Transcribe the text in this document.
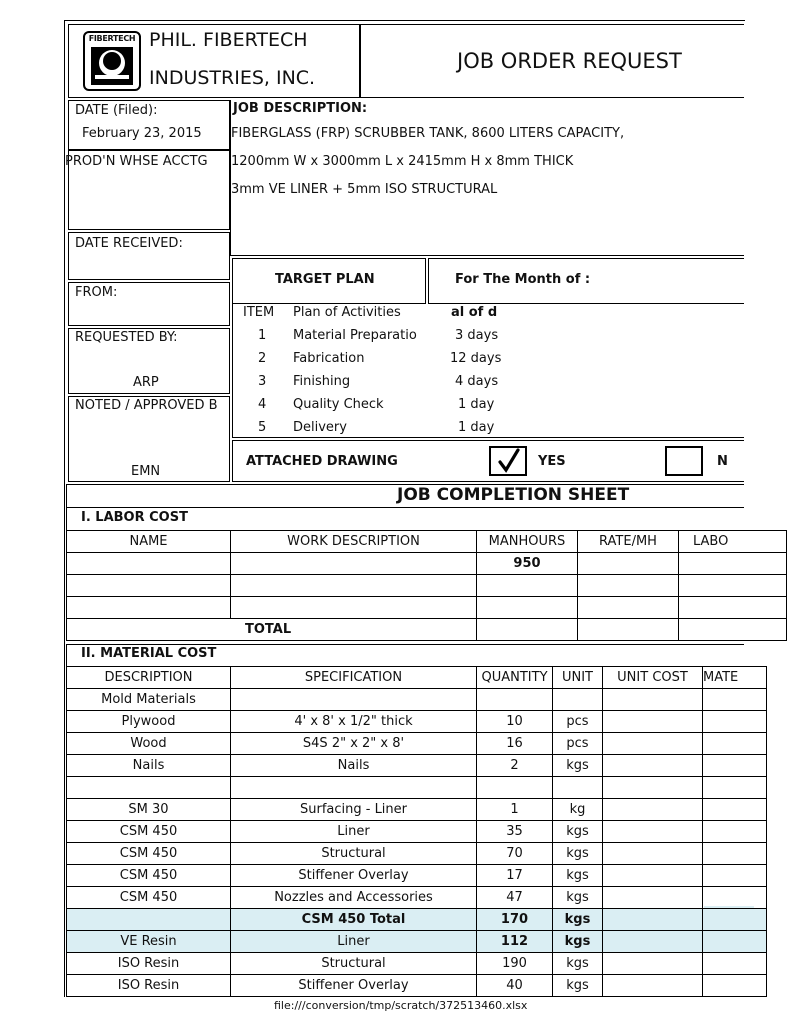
FIBERTECH PHIL. FIBERTECH
INDUSTRIES, INC.
JOB ORDER REQUEST
DATE (Filed):
February 23, 2015
PROD'N WHSE ACCTG
DATE RECEIVED:
FROM:
REQUESTED BY:
ARP
NOTED / APPROVED B
EMN
JOB DESCRIPTION:
FIBERGLASS (FRP) SCRUBBER TANK, 8600 LITERS CAPACITY,
1200mm W x 3000mm L x 2415mm H x 8mm THICK
3mm VE LINER + 5mm ISO STRUCTURAL
TARGET PLAN	For The Month of :
ITEM Plan of Activities	al of d
1 Material Preparatio	3 days
2 Fabrication	12 days
3 Finishing	4 days
4 Quality Check	1 day
5 Delivery	1 day
ATTACHED DRAWING	YES	N
JOB COMPLETION SHEET
I. LABOR COST
NAME	WORK DESCRIPTION	MANHOURS	RATE/MH	LABO
		950		

TOTAL				
II. MATERIAL COST
DESCRIPTION	SPECIFICATION	QUANTITY	UNIT	UNIT COST	MATE
Mold Materials					
Plywood	4' x 8' x 1/2" thick	10	pcs		
Wood	S4S 2" x 2" x 8'	16	pcs		
Nails	Nails	2	kgs		

SM 30	Surfacing - Liner	1	kg		
CSM 450	Liner	35	kgs		
CSM 450	Structural	70	kgs		
CSM 450	Stiffener Overlay	17	kgs		
CSM 450	Nozzles and Accessories	47	kgs		
	CSM 450 Total	170	kgs		
VE Resin	Liner	112	kgs		
ISO Resin	Structural	190	kgs		
ISO Resin	Stiffener Overlay	40	kgs		
file:///conversion/tmp/scratch/372513460.xlsx
